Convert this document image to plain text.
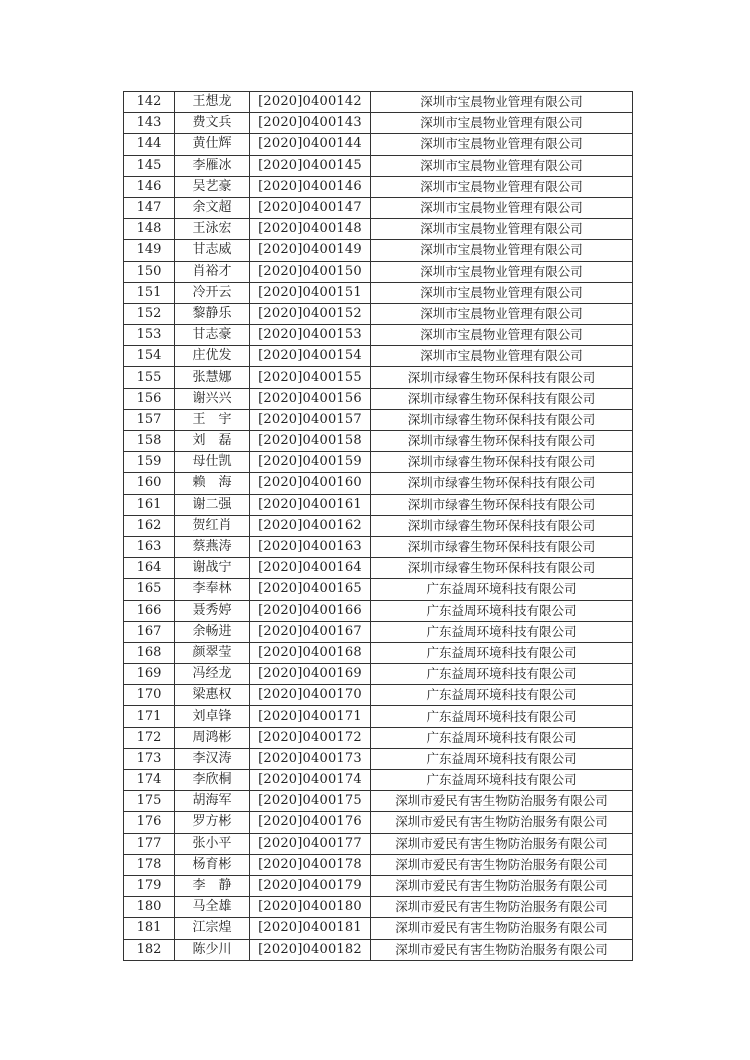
142	王想龙	[2020]0400142	深圳市宝晨物业管理有限公司
143	费文兵	[2020]0400143	深圳市宝晨物业管理有限公司
144	黄仕辉	[2020]0400144	深圳市宝晨物业管理有限公司
145	李雁冰	[2020]0400145	深圳市宝晨物业管理有限公司
146	吴艺豪	[2020]0400146	深圳市宝晨物业管理有限公司
147	余文超	[2020]0400147	深圳市宝晨物业管理有限公司
148	王泳宏	[2020]0400148	深圳市宝晨物业管理有限公司
149	甘志威	[2020]0400149	深圳市宝晨物业管理有限公司
150	肖裕才	[2020]0400150	深圳市宝晨物业管理有限公司
151	冷开云	[2020]0400151	深圳市宝晨物业管理有限公司
152	黎静乐	[2020]0400152	深圳市宝晨物业管理有限公司
153	甘志豪	[2020]0400153	深圳市宝晨物业管理有限公司
154	庄优发	[2020]0400154	深圳市宝晨物业管理有限公司
155	张慧娜	[2020]0400155	深圳市绿睿生物环保科技有限公司
156	谢兴兴	[2020]0400156	深圳市绿睿生物环保科技有限公司
157	王　宇	[2020]0400157	深圳市绿睿生物环保科技有限公司
158	刘　磊	[2020]0400158	深圳市绿睿生物环保科技有限公司
159	母仕凯	[2020]0400159	深圳市绿睿生物环保科技有限公司
160	赖　海	[2020]0400160	深圳市绿睿生物环保科技有限公司
161	谢二强	[2020]0400161	深圳市绿睿生物环保科技有限公司
162	贺红肖	[2020]0400162	深圳市绿睿生物环保科技有限公司
163	蔡燕涛	[2020]0400163	深圳市绿睿生物环保科技有限公司
164	谢战宁	[2020]0400164	深圳市绿睿生物环保科技有限公司
165	李奉林	[2020]0400165	广东益周环境科技有限公司
166	聂秀婷	[2020]0400166	广东益周环境科技有限公司
167	余畅进	[2020]0400167	广东益周环境科技有限公司
168	颜翠莹	[2020]0400168	广东益周环境科技有限公司
169	冯经龙	[2020]0400169	广东益周环境科技有限公司
170	梁惠权	[2020]0400170	广东益周环境科技有限公司
171	刘卓锋	[2020]0400171	广东益周环境科技有限公司
172	周鸿彬	[2020]0400172	广东益周环境科技有限公司
173	李汉涛	[2020]0400173	广东益周环境科技有限公司
174	李欣桐	[2020]0400174	广东益周环境科技有限公司
175	胡海军	[2020]0400175	深圳市爱民有害生物防治服务有限公司
176	罗方彬	[2020]0400176	深圳市爱民有害生物防治服务有限公司
177	张小平	[2020]0400177	深圳市爱民有害生物防治服务有限公司
178	杨育彬	[2020]0400178	深圳市爱民有害生物防治服务有限公司
179	李　静	[2020]0400179	深圳市爱民有害生物防治服务有限公司
180	马全雄	[2020]0400180	深圳市爱民有害生物防治服务有限公司
181	江宗煌	[2020]0400181	深圳市爱民有害生物防治服务有限公司
182	陈少川	[2020]0400182	深圳市爱民有害生物防治服务有限公司
